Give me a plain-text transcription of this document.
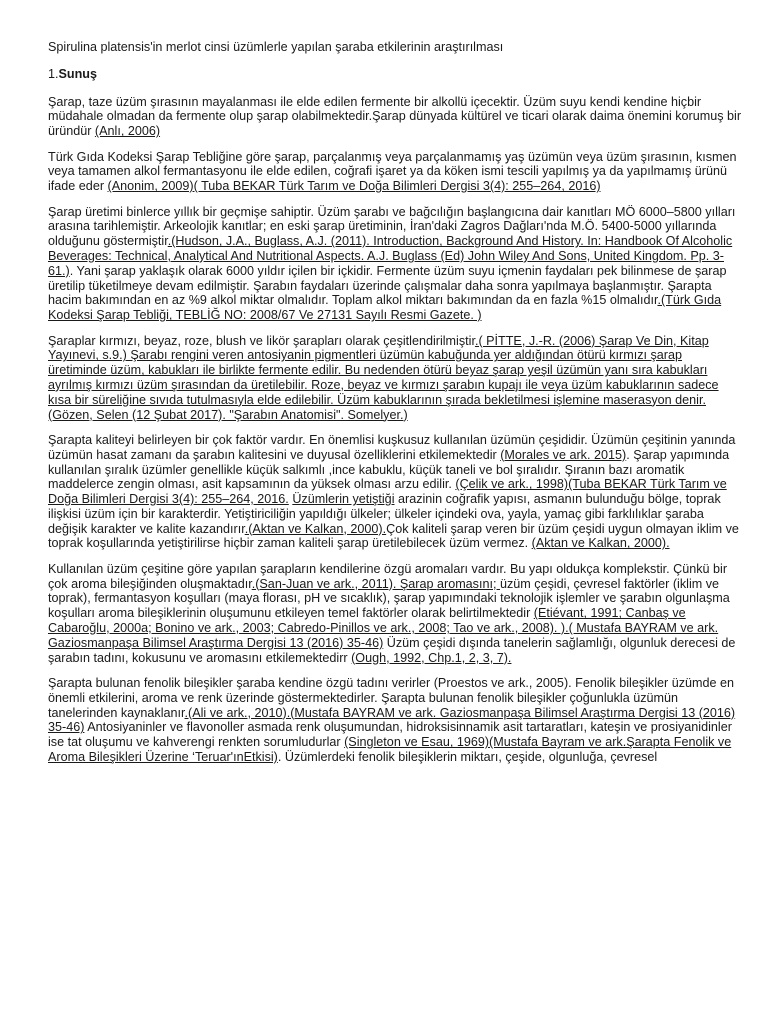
Spirulina platensis'in merlot cinsi üzümlerle yapılan şaraba etkilerinin araştırılması

1.Sunuş

Şarap, taze üzüm şırasının mayalanması ile elde edilen fermente bir alkollü içecektir. Üzüm suyu kendi kendine hiçbir müdahale olmadan da fermente olup şarap olabilmektedir.Şarap dünyada kültürel ve ticari olarak daima önemini korumuş bir üründür (Anlı, 2006)

Türk Gıda Kodeksi Şarap Tebliğine göre şarap, parçalanmış veya parçalanmamış yaş üzümün veya üzüm şırasının, kısmen veya tamamen alkol fermantasyonu ile elde edilen, coğrafi işaret ya da köken ismi tescili yapılmış ya da yapılmamış ürünü ifade eder (Anonim, 2009)( Tuba BEKAR Türk Tarım ve Doğa Bilimleri Dergisi 3(4): 255–264, 2016)

Şarap üretimi binlerce yıllık bir geçmişe sahiptir. Üzüm şarabı ve bağcılığın başlangıcına dair kanıtları MÖ 6000–5800 yılları arasına tarihlemiştir. Arkeolojik kanıtlar; en eski şarap üretiminin, İran'daki Zagros Dağları'nda M.Ö. 5400-5000 yıllarında olduğunu göstermiştir.(Hudson, J.A., Buglass, A.J. (2011). Introduction, Background And History. In: Handbook Of Alcoholic Beverages: Technical, Analytical And Nutritional Aspects. A.J. Buglass (Ed) John Wiley And Sons, United Kingdom. Pp. 3-61.). Yani şarap yaklaşık olarak 6000 yıldır içilen bir içkidir. Fermente üzüm suyu içmenin faydaları pek bilinmese de şarap üretilip tüketilmeye devam edilmiştir. Şarabın faydaları üzerinde çalışmalar daha sonra yapılmaya başlanmıştır. Şarapta hacim bakımından en az %9 alkol miktar olmalıdır. Toplam alkol miktarı bakımından da en fazla %15 olmalıdır.(Türk Gıda Kodeksi Şarap Tebliği, TEBLİĞ NO: 2008/67 Ve 27131 Sayılı Resmi Gazete. )

Şaraplar kırmızı, beyaz, roze, blush ve likör şarapları olarak çeşitlendirilmiştir.( PİTTE, J.-R. (2006) Şarap Ve Din, Kitap Yayınevi, s.9.) Şarabı rengini veren antosiyanin pigmentleri üzümün kabuğunda yer aldığından ötürü kırmızı şarap üretiminde üzüm, kabukları ile birlikte fermente edilir. Bu nedenden ötürü beyaz şarap yeşil üzümün yanı sıra kabukları ayrılmış kırmızı üzüm şırasından da üretilebilir. Roze, beyaz ve kırmızı şarabın kupajı ile veya üzüm kabuklarının sadece kısa bir süreliğine sıvıda tutulmasıyla elde edilebilir. Üzüm kabuklarının şırada bekletilmesi işlemine maserasyon denir. (Gözen, Selen (12 Şubat 2017). "Şarabın Anatomisi". Somelyer.)

Şarapta kaliteyi belirleyen bir çok faktör vardır. En önemlisi kuşkusuz kullanılan üzümün çeşididir. Üzümün çeşitinin yanında üzümün hasat zamanı da şarabın kalitesini ve duyusal özelliklerini etkilemektedir (Morales ve ark. 2015). Şarap yapımında kullanılan şıralık üzümler genellikle küçük salkımlı ,ince kabuklu, küçük taneli ve bol şıralıdır. Şıranın bazı aromatik maddelerce zengin olması, asit kapsamının da yüksek olması arzu edilir. (Çelik ve ark., 1998)(Tuba BEKAR Türk Tarım ve Doğa Bilimleri Dergisi 3(4): 255–264, 2016. Üzümlerin yetiştiği arazinin coğrafik yapısı, asmanın bulunduğu bölge, toprak ilişkisi üzüm için bir karakterdir. Yetiştiriciliğin yapıldığı ülkeler; ülkeler içindeki ova, yayla, yamaç gibi farklılıklar şaraba değişik karakter ve kalite kazandırır.(Aktan ve Kalkan, 2000).Çok kaliteli şarap veren bir üzüm çeşidi uygun olmayan iklim ve toprak koşullarında yetiştirilirse hiçbir zaman kaliteli şarap üretilebilecek üzüm vermez. (Aktan ve Kalkan, 2000).

Kullanılan üzüm çeşitine göre yapılan şarapların kendilerine özgü aromaları vardır. Bu yapı oldukça komplekstir. Çünkü bir çok aroma bileşiğinden oluşmaktadır.(San-Juan ve ark., 2011). Şarap aromasını; üzüm çeşidi, çevresel faktörler (iklim ve toprak), fermantasyon koşulları (maya florası, pH ve sıcaklık), şarap yapımındaki teknolojik işlemler ve şarabın olgunlaşma koşulları aroma bileşiklerinin oluşumunu etkileyen temel faktörler olarak belirtilmektedir (Etiévant, 1991; Canbaş ve Cabaroğlu, 2000a; Bonino ve ark., 2003; Cabredo-Pinillos ve ark., 2008; Tao ve ark., 2008). ).( Mustafa BAYRAM ve ark. Gaziosmanpaşa Bilimsel Araştırma Dergisi 13 (2016) 35-46) Üzüm çeşidi dışında tanelerin sağlamlığı, olgunluk derecesi de şarabın tadını, kokusunu ve aromasını etkilemektedirr (Ough, 1992, Chp.1, 2, 3, 7).

Şarapta bulunan fenolik bileşikler şaraba kendine özgü tadını verirler (Proestos ve ark., 2005). Fenolik bileşikler üzümde en önemli etkilerini, aroma ve renk üzerinde göstermektedirler. Şarapta bulunan fenolik bileşikler çoğunlukla üzümün tanelerinden kaynaklanır.(Ali ve ark., 2010).(Mustafa BAYRAM ve ark. Gaziosmanpaşa Bilimsel Araştırma Dergisi 13 (2016) 35-46) Antosiyaninler ve flavonoller asmada renk oluşumundan, hidroksisinnamik asit tartaratları, kateşin ve prosiyanidinler ise tat oluşumu ve kahverengi renkten sorumludurlar (Singleton ve Esau, 1969)(Mustafa Bayram ve ark.Şarapta Fenolik ve Aroma Bileşikleri Üzerine ‘Teruar'ınEtkisi). Üzümlerdeki fenolik bileşiklerin miktarı, çeşide, olgunluğa, çevresel
